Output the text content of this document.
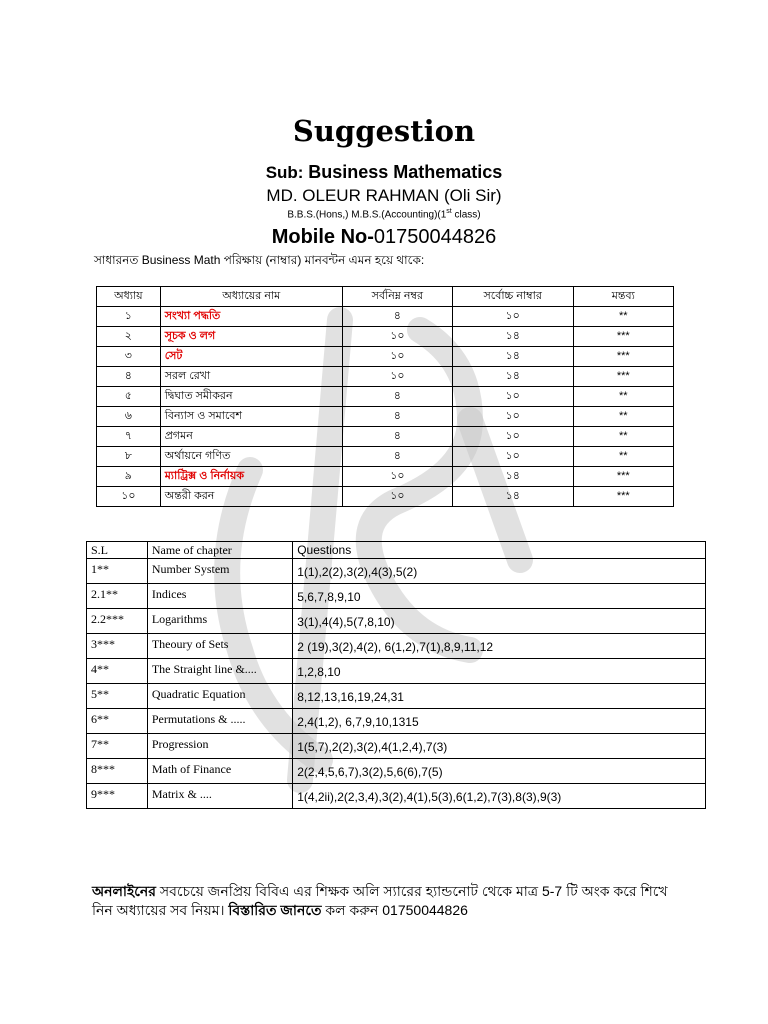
Suggestion
Sub: Business Mathematics
MD. OLEUR RAHMAN (Oli Sir)
B.B.S.(Hons,) M.B.S.(Accounting)(1st class)
Mobile No-01750044826
সাধারনত Business Math পরিক্ষায় (নাম্বার) মানবন্টন এমন হয়ে থাকে:
অধ্যায়	অধ্যায়ের নাম	সর্বনিম্ন নম্বর	সর্বোচ্চ নাম্বার	মন্তব্য
১	সংখ্যা পদ্ধতি	৪	১০	**
২	সূচক ও লগ	১০	১৪	***
৩	সেট	১০	১৪	***
৪	সরল রেখা	১০	১৪	***
৫	দ্বিঘাত সমীকরন	৪	১০	**
৬	বিন্যাস ও সমাবেশ	৪	১০	**
৭	প্রগমন	৪	১০	**
৮	অর্থায়নে গণিত	৪	১০	**
৯	ম্যাট্রিক্স ও নির্নায়ক	১০	১৪	***
১০	অন্তরী করন	১০	১৪	***
S.L	Name of chapter	Questions

1**	Number System	1(1),2(2),3(2),4(3),5(2)

2.1**	Indices	5,6,7,8,9,10

2.2***	Logarithms	3(1),4(4),5(7,8,10)

3***	Theoury of Sets	2 (19),3(2),4(2), 6(1,2),7(1),8,9,11,12

4**	The Straight line &....	1,2,8,10

5**	Quadratic Equation	8,12,13,16,19,24,31

6**	Permutations & .....	2,4(1,2), 6,7,9,10,1315

7**	Progression	1(5,7),2(2),3(2),4(1,2,4),7(3)

8***	Math of Finance	2(2,4,5,6,7),3(2),5,6(6),7(5)

9***	Matrix & ....	1(4,2ii),2(2,3,4),3(2),4(1),5(3),6(1,2),7(3),8(3),9(3)
অনলাইনের সবচেয়ে জনপ্রিয় বিবিএ এর শিক্ষক অলি স্যারের হ্যান্ডনোট থেকে মাত্র 5-7 টি অংক করে শিখে নিন অধ্যায়ের সব নিয়ম। বিস্তারিত জানতে কল করুন 01750044826
